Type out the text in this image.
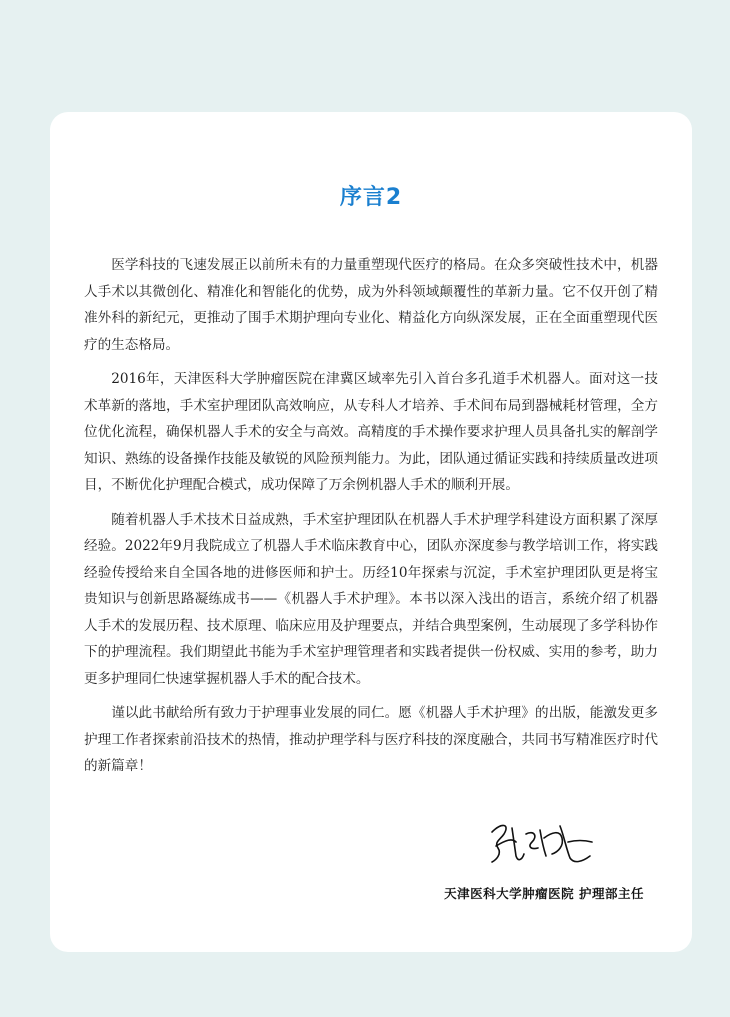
序言2

医学科技的飞速发展正以前所未有的力量重塑现代医疗的格局。在众多突破性技术中，机器人手术以其微创化、精准化和智能化的优势，成为外科领域颠覆性的革新力量。它不仅开创了精准外科的新纪元，更推动了围手术期护理向专业化、精益化方向纵深发展，正在全面重塑现代医疗的生态格局。

2016年，天津医科大学肿瘤医院在津冀区域率先引入首台多孔道手术机器人。面对这一技术革新的落地，手术室护理团队高效响应，从专科人才培养、手术间布局到器械耗材管理，全方位优化流程，确保机器人手术的安全与高效。高精度的手术操作要求护理人员具备扎实的解剖学知识、熟练的设备操作技能及敏锐的风险预判能力。为此，团队通过循证实践和持续质量改进项目，不断优化护理配合模式，成功保障了万余例机器人手术的顺利开展。

随着机器人手术技术日益成熟，手术室护理团队在机器人手术护理学科建设方面积累了深厚经验。2022年9月我院成立了机器人手术临床教育中心，团队亦深度参与教学培训工作，将实践经验传授给来自全国各地的进修医师和护士。历经10年探索与沉淀，手术室护理团队更是将宝贵知识与创新思路凝练成书——《机器人手术护理》。本书以深入浅出的语言，系统介绍了机器人手术的发展历程、技术原理、临床应用及护理要点，并结合典型案例，生动展现了多学科协作下的护理流程。我们期望此书能为手术室护理管理者和实践者提供一份权威、实用的参考，助力更多护理同仁快速掌握机器人手术的配合技术。

谨以此书献给所有致力于护理事业发展的同仁。愿《机器人手术护理》的出版，能激发更多护理工作者探索前沿技术的热情，推动护理学科与医疗科技的深度融合，共同书写精准医疗时代的新篇章！

天津医科大学肿瘤医院 护理部主任
